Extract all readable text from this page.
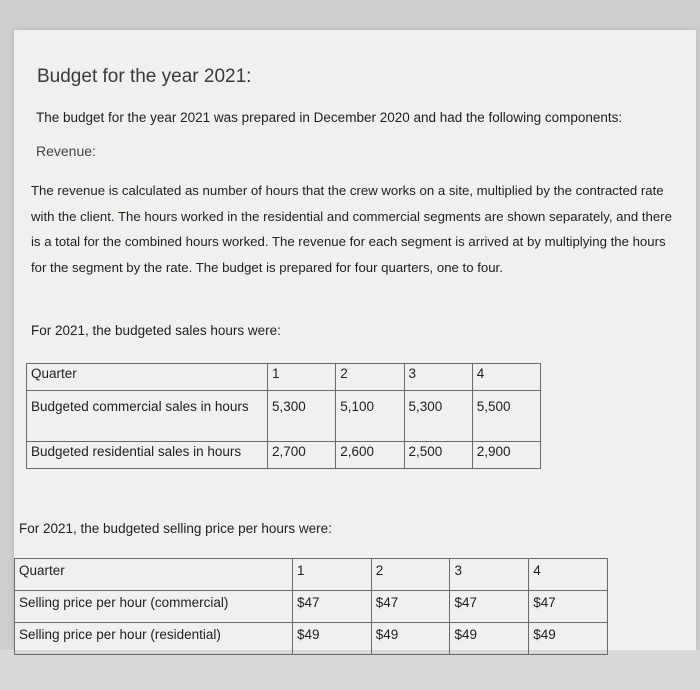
Budget for the year 2021:
The budget for the year 2021 was prepared in December 2020 and had the following components:
Revenue:
The revenue is calculated as number of hours that the crew works on a site, multiplied by the contracted rate with the client. The hours worked in the residential and commercial segments are shown separately, and there is a total for the combined hours worked. The revenue for each segment is arrived at by multiplying the hours for the segment by the rate. The budget is prepared for four quarters, one to four.
For 2021, the budgeted sales hours were:
Quarter	1	2	3	4
Budgeted commercial sales in hours	5,300	5,100	5,300	5,500
Budgeted residential sales in hours	2,700	2,600	2,500	2,900
For 2021, the budgeted selling price per hours were:
Quarter	1	2	3	4
Selling price per hour (commercial)	$47	$47	$47	$47
Selling price per hour (residential)	$49	$49	$49	$49
